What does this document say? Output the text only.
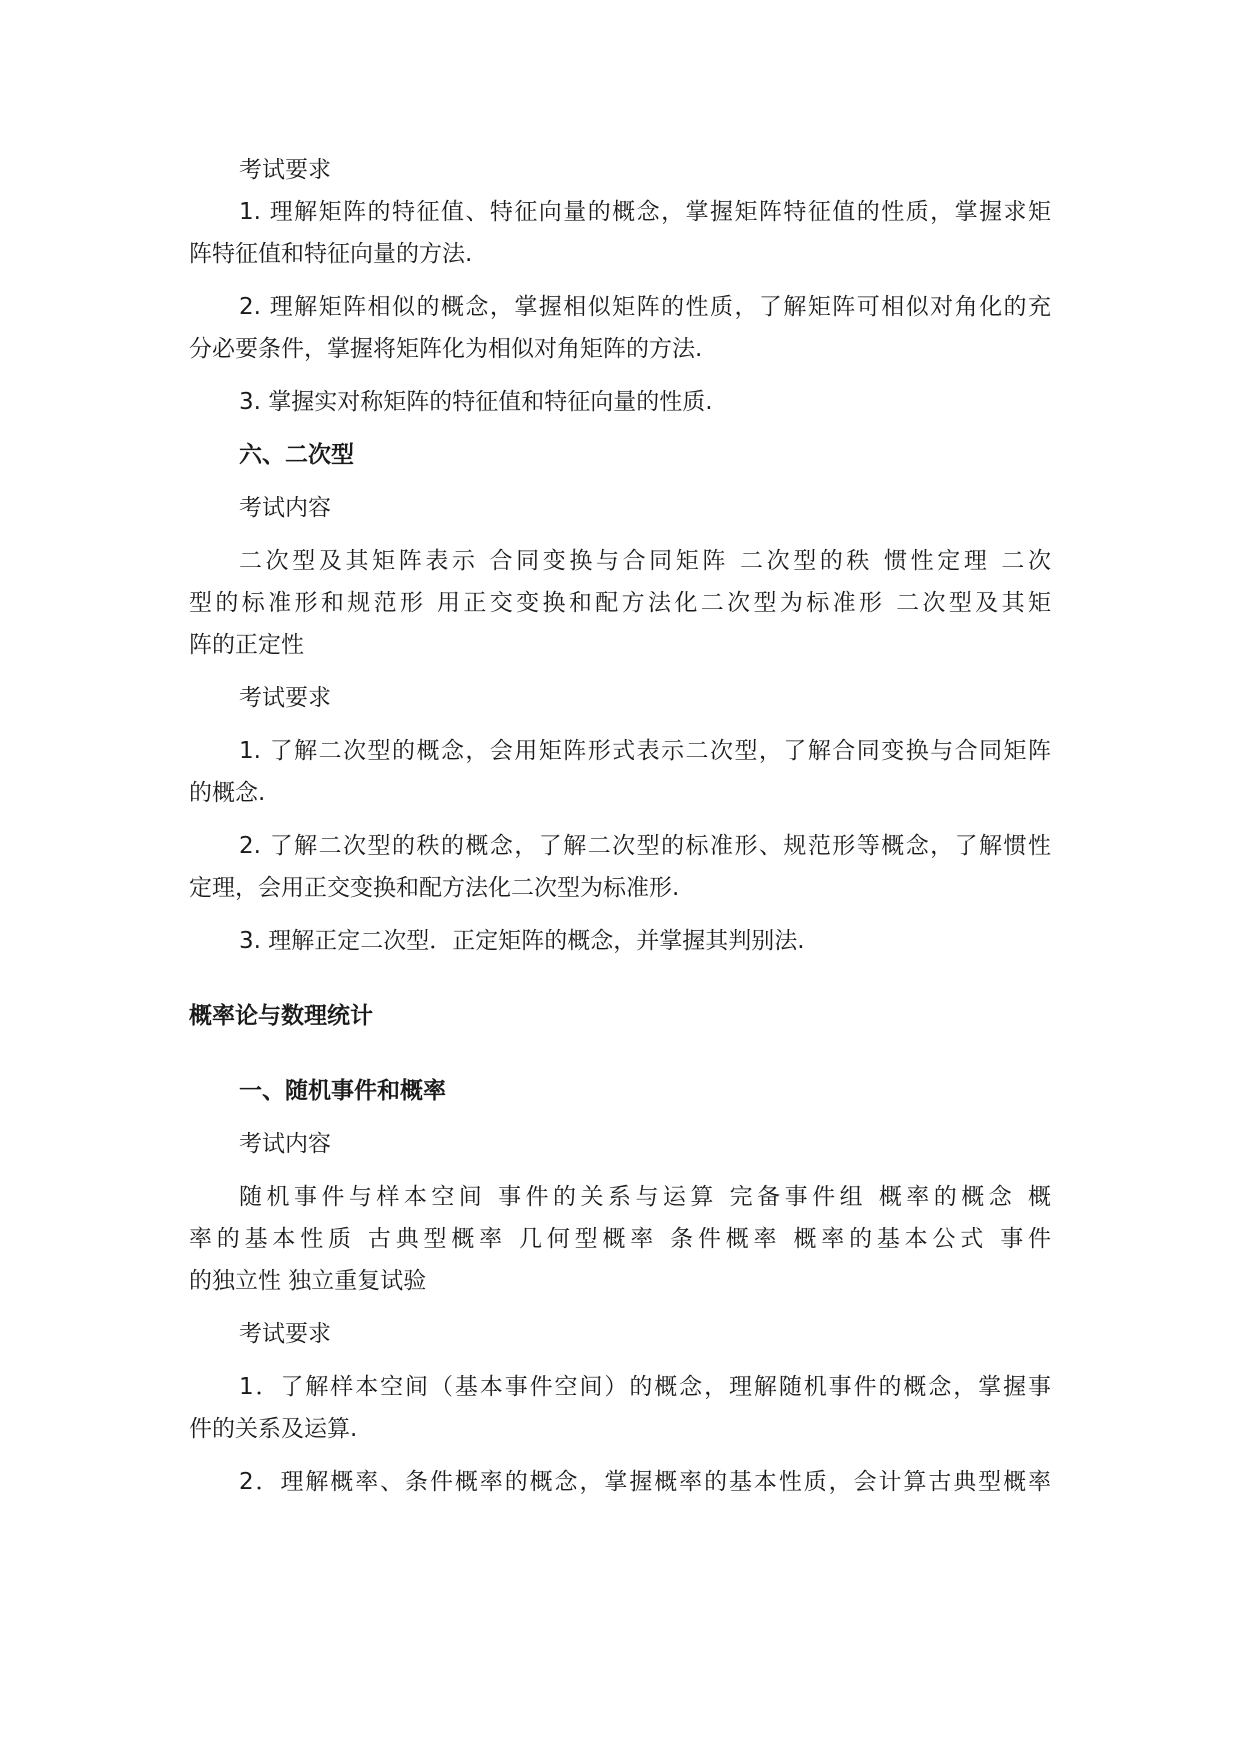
考试要求

1. 理解矩阵的特征值、特征向量的概念，掌握矩阵特征值的性质，掌握求矩

阵特征值和特征向量的方法.

2. 理解矩阵相似的概念，掌握相似矩阵的性质，了解矩阵可相似对角化的充

分必要条件，掌握将矩阵化为相似对角矩阵的方法.

3. 掌握实对称矩阵的特征值和特征向量的性质.

六、二次型

考试内容

二次型及其矩阵表示 合同变换与合同矩阵 二次型的秩 惯性定理 二次

型的标准形和规范形 用正交变换和配方法化二次型为标准形 二次型及其矩

阵的正定性

考试要求

1. 了解二次型的概念，会用矩阵形式表示二次型，了解合同变换与合同矩阵

的概念.

2. 了解二次型的秩的概念，了解二次型的标准形、规范形等概念，了解惯性

定理，会用正交变换和配方法化二次型为标准形.

3. 理解正定二次型．正定矩阵的概念，并掌握其判别法.

概率论与数理统计

一、随机事件和概率

考试内容

随机事件与样本空间 事件的关系与运算 完备事件组 概率的概念 概

率的基本性质 古典型概率 几何型概率 条件概率 概率的基本公式 事件

的独立性 独立重复试验

考试要求

1．了解样本空间（基本事件空间）的概念，理解随机事件的概念，掌握事

件的关系及运算.

2．理解概率、条件概率的概念，掌握概率的基本性质，会计算古典型概率
